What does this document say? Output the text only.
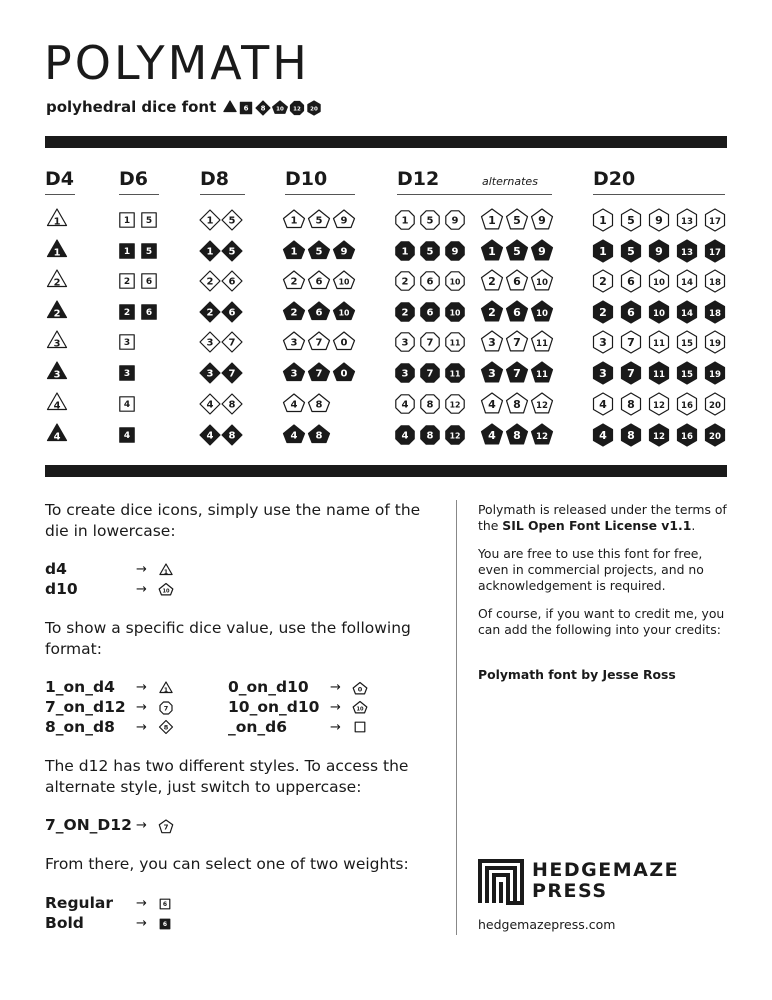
POLYMATH
polyhedral dice font	6 8 10 12 20
D4 D6	D8	D10	D12	alternates	D20
1	1 5	1 5	1 5 9	1 5 9	1 5 9	1 5 9 13 17
1	1 5	1 5	1 5 9	1 5 9	1 5 9	1 5 9 13 17
2	2 6	2 6	2 6 10	2 6 10	2 6 10	2 6 10 14 18
2	2 6	2 6	2 6 10	2 6 10	2 6 10	2 6 10 14 18
3	3	3 7	3 7 0	3 7 11	3 7 11	3 7 11 15 19
3	3	3 7	3 7 0	3 7 11	3 7 11	3 7 11 15 19
4	4	4 8	4 8	4 8 12	4 8 12	4 8 12 16 20
4	4	4 8	4 8	4 8 12	4 8 12	4 8 12 16 20
To create dice icons, simply use the name of the die in lowercase:
d4	→
d10	→
To show a specific dice value, use the following format:
1_on_d4 →
7_on_d12 →
8_on_d8 →
0_on_d10 →
10_on_d10 →
_on_d6	→
The d12 has two different styles. To access the alternate style, just switch to uppercase:
7_ON_D12 →
From there, you can select one of two weights:
Regular →
Bold	→
1
10
1
7
8
0
10
7
6
6
Polymath is released under the terms of the SIL Open Font License v1.1.
You are free to use this font for free, even in commercial projects, and no acknowledgement is required.
Of course, if you want to credit me, you can add the following into your credits:
Polymath font by Jesse Ross
HEDGEMAZE
PRESS
hedgemazepress.com
